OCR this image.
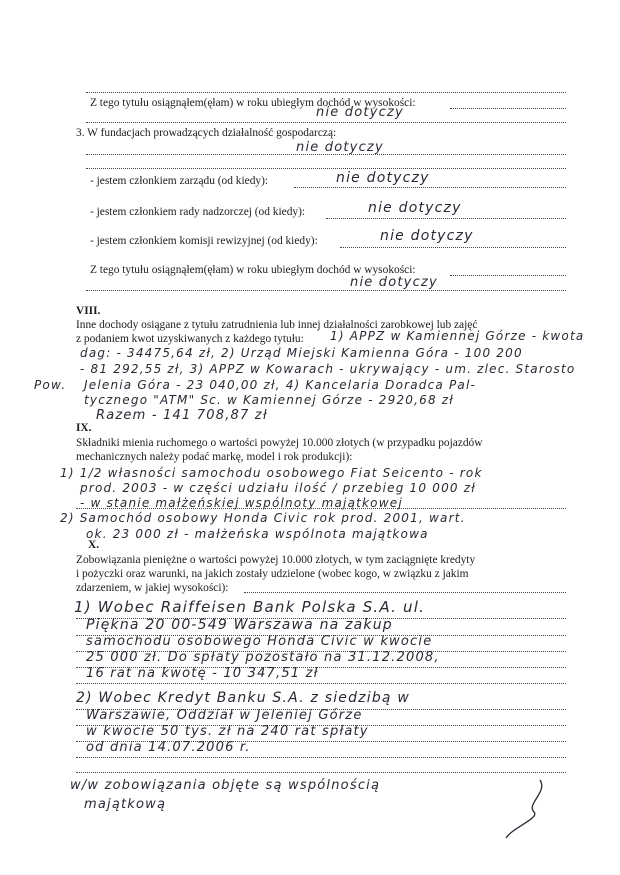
Z tego tytułu osiągnąłem(ęłam) w roku ubiegłym dochód w wysokości:
nie dotyczy
3. W fundacjach prowadzących działalność gospodarczą:
nie dotyczy
- jestem członkiem zarządu (od kiedy):	nie dotyczy
- jestem członkiem rady nadzorczej (od kiedy):	nie dotyczy
- jestem członkiem komisji rewizyjnej (od kiedy):	nie dotyczy
Z tego tytułu osiągnąłem(ęłam) w roku ubiegłym dochód w wysokości:
nie dotyczy
VIII.
Inne dochody osiągane z tytułu zatrudnienia lub innej działalności zarobkowej lub zajęć
z podaniem kwot uzyskiwanych z każdego tytułu: 1) APPZ w Kamiennej Górze - kwota
dag: - 34475,64 zł, 2) Urząd Miejski Kamienna Góra - 100 200
- 81 292,55 zł, 3) APPZ w Kowarach - ukrywający - um. zlec. Starosto
Pow. Jelenia Góra - 23 040,00 zł, 4) Kancelaria Doradca Pal-
tycznego "ATM" Sc. w Kamiennej Górze - 2920,68 zł
Razem - 141 708,87 zł
IX.
Składniki mienia ruchomego o wartości powyżej 10.000 złotych (w przypadku pojazdów
mechanicznych należy podać markę, model i rok produkcji):
1) 1/2 własności samochodu osobowego Fiat Seicento - rok
prod. 2003 - w części udziału ilość / przebieg 10 000 zł
- w stanie małżeńskiej wspólnoty majątkowej
2) Samochód osobowy Honda Civic rok prod. 2001, wart.
ok. 23 000 zł - małżeńska wspólnota majątkowa
X.
Zobowiązania pieniężne o wartości powyżej 10.000 złotych, w tym zaciągnięte kredyty
i pożyczki oraz warunki, na jakich zostały udzielone (wobec kogo, w związku z jakim
zdarzeniem, w jakiej wysokości):
1) Wobec Raiffeisen Bank Polska S.A. ul.
Piękna 20 00-549 Warszawa na zakup
samochodu osobowego Honda Civic w kwocie
25 000 zł. Do spłaty pozostało na 31.12.2008,
16 rat na kwotę - 10 347,51 zł
2) Wobec Kredyt Banku S.A. z siedzibą w
Warszawie, Oddział w Jeleniej Górze
w kwocie 50 tys. zł na 240 rat spłaty
od dnia 14.07.2006 r.
w/w zobowiązania objęte są wspólnością
majątkową
